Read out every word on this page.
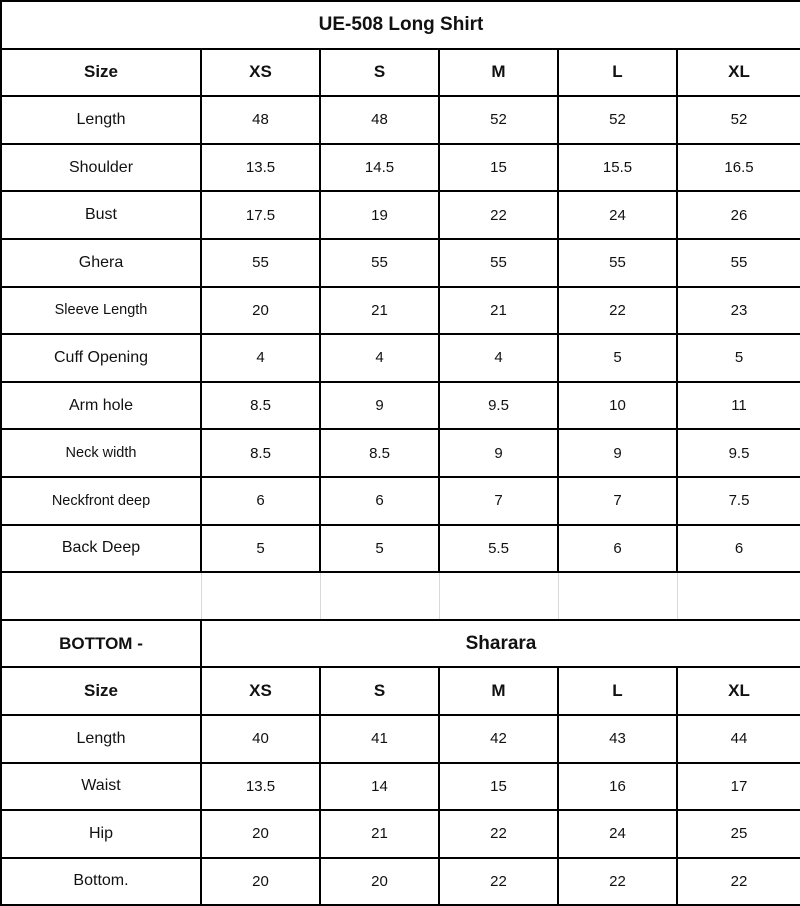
UE-508 Long Shirt					
Size	XS	S	M	L	XL
Length	48	48	52	52	52
Shoulder	13.5	14.5	15	15.5	16.5
Bust	17.5	19	22	24	26
Ghera	55	55	55	55	55
Sleeve Length	20	21	21	22	23
Cuff Opening	4	4	4	5	5
Arm hole	8.5	9	9.5	10	11
Neck width	8.5	8.5	9	9	9.5
Neckfront deep	6	6	7	7	7.5
Back Deep	5	5	5.5	6	6

BOTTOM -	Sharara				
Size	XS	S	M	L	XL
Length	40	41	42	43	44
Waist	13.5	14	15	16	17
Hip	20	21	22	24	25
Bottom.	20	20	22	22	22
